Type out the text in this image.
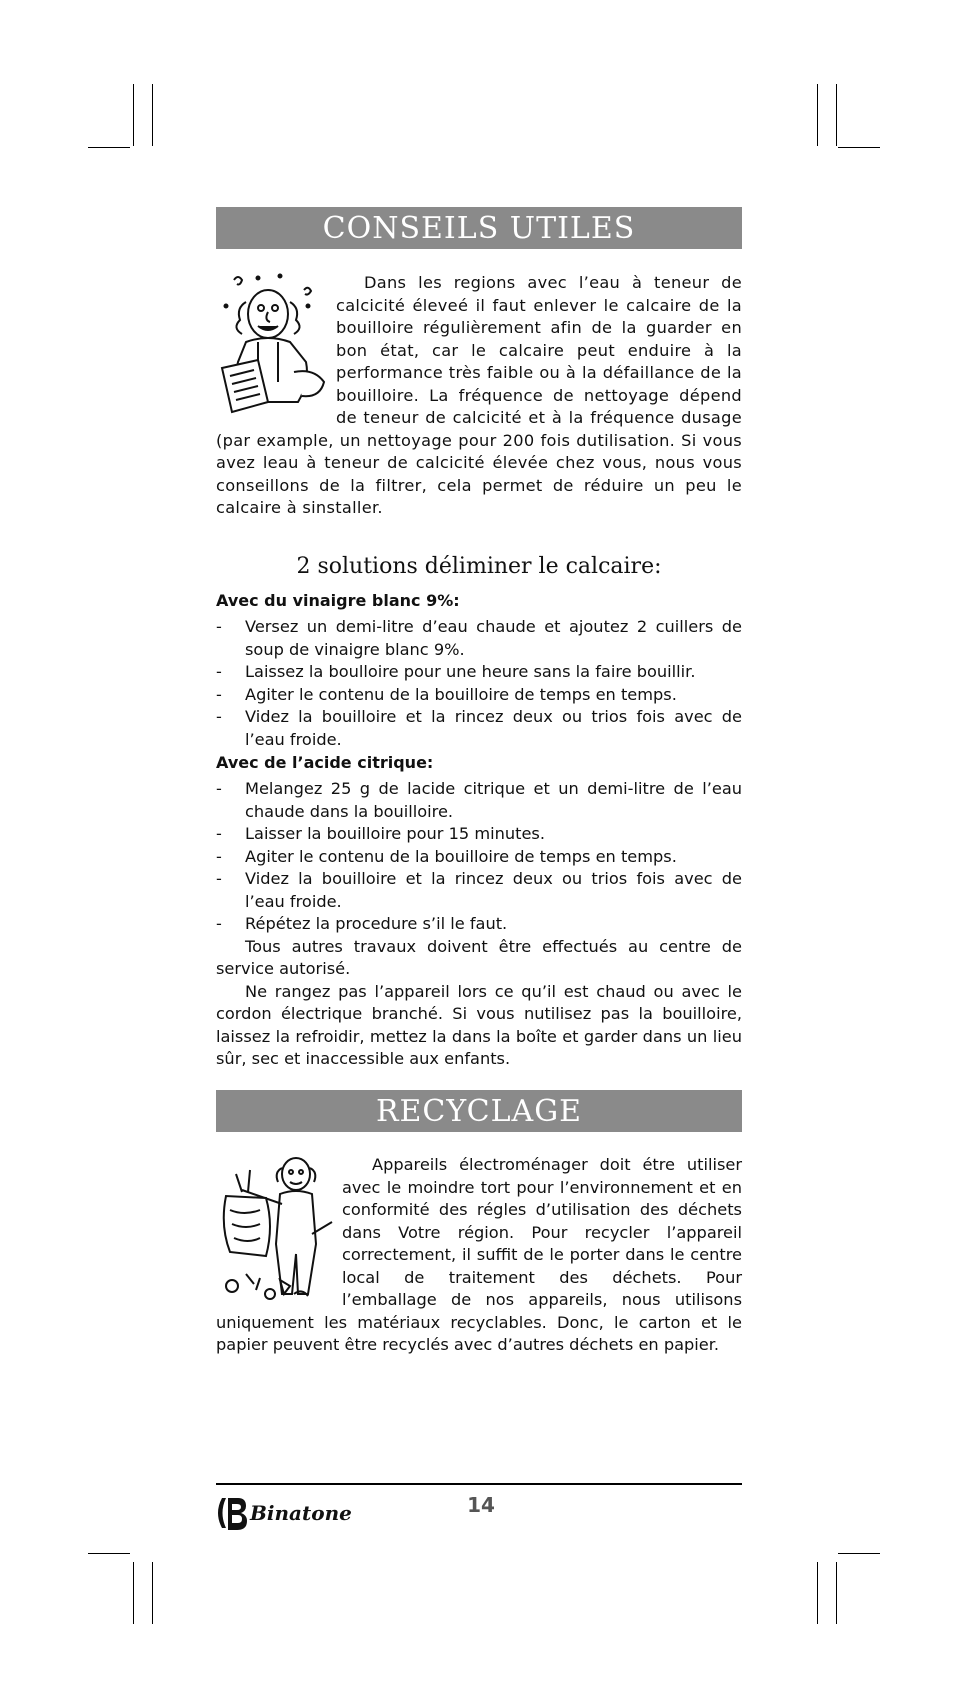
CONSEILS UTILES

Dans les regions avec l’eau à teneur de calcicité éleveé il faut enlever le calcaire de la bouilloire régulièrement afin de la guarder en bon état, car le calcaire peut enduire à la performance très faible ou à la défaillance de la bouilloire. La fréquence de nettoyage dépend de teneur de calcicité et à la fréquence dusage (par example, un nettoyage pour 200 fois dutilisation. Si vous avez leau à teneur de calcicité élevée chez vous, nous vous conseillons de la filtrer, cela permet de réduire un peu le calcaire à sinstaller.

2 solutions déliminer le calcaire:

Avec du vinaigre blanc 9%:

- Versez un demi-litre d’eau chaude et ajoutez 2 cuillers de soup de vinaigre blanc 9%.
- Laissez la boulloire pour une heure sans la faire bouillir.
- Agiter le contenu de la bouilloire de temps en temps.
- Videz la bouilloire et la rincez deux ou trios fois avec de l’eau froide.

Avec de l’acide citrique:

- Melangez 25 g de lacide citrique et un demi-litre de l’eau chaude dans la bouilloire.
- Laisser la bouilloire pour 15 minutes.
- Agiter le contenu de la bouilloire de temps en temps.
- Videz la bouilloire et la rincez deux ou trios fois avec de l’eau froide.
- Répétez la procedure s’il le faut.

Tous autres travaux doivent être effectués au centre de service autorisé.

Ne rangez pas l’appareil lors ce qu’il est chaud ou avec le cordon électrique branché. Si vous nutilisez pas la bouilloire, laissez la refroidir, mettez la dans la boîte et garder dans un lieu sûr, sec et inaccessible aux enfants.

RECYCLAGE

Appareils électroménager doit étre utiliser avec le moindre tort pour l’environnement et en conformité des régles d’utilisation des déchets dans Votre région. Pour recycler l’appareil correctement, il suffit de le porter dans le centre local de traitement des déchets. Pour l’emballage de nos appareils, nous utilisons uniquement les matériaux recyclables. Donc, le carton et le papier peuvent être recyclés avec d’autres déchets en papier.

Binatone	14
